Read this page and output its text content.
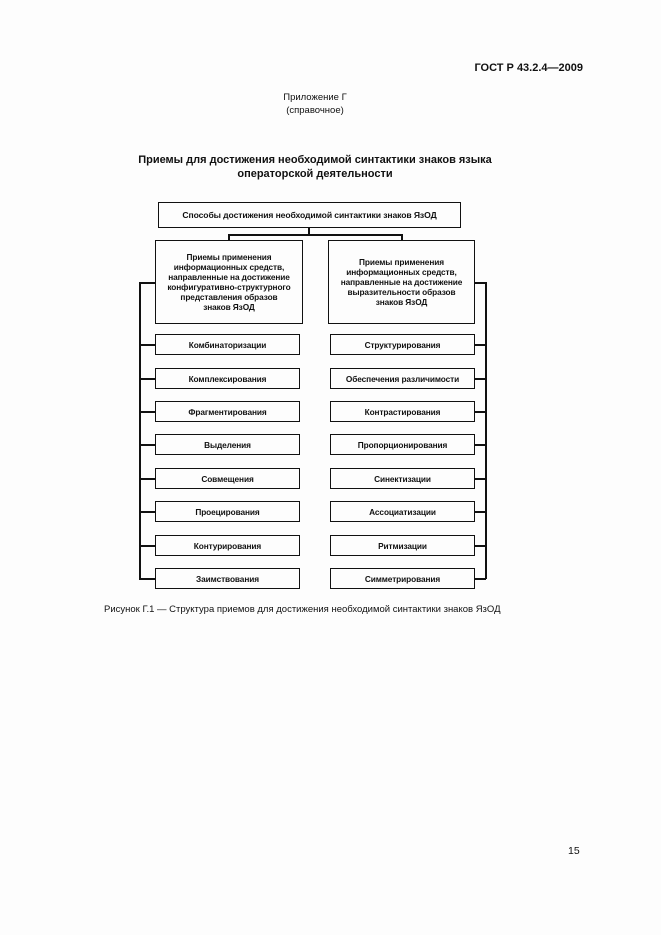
ГОСТ Р 43.2.4—2009
Приложение Г
(справочное)
Приемы для достижения необходимой синтактики знаков языка
операторской деятельности
Способы достижения необходимой синтактики знаков ЯзОД
Приемы применения
информационных средств,
направленные на достижение
конфигуративно-структурного
представления образов
знаков ЯзОД
Приемы применения
информационных средств,
направленные на достижение
выразительности образов
знаков ЯзОД
Комбинаторизации
Комплексирования
Фрагментирования
Выделения
Совмещения
Проецирования
Контурирования
Заимствования
Структурирования
Обеспечения различимости
Контрастирования
Пропорционирования
Синектизации
Ассоциатизации
Ритмизации
Симметрирования
Рисунок Г.1 — Структура приемов для достижения необходимой синтактики знаков ЯзОД
15
